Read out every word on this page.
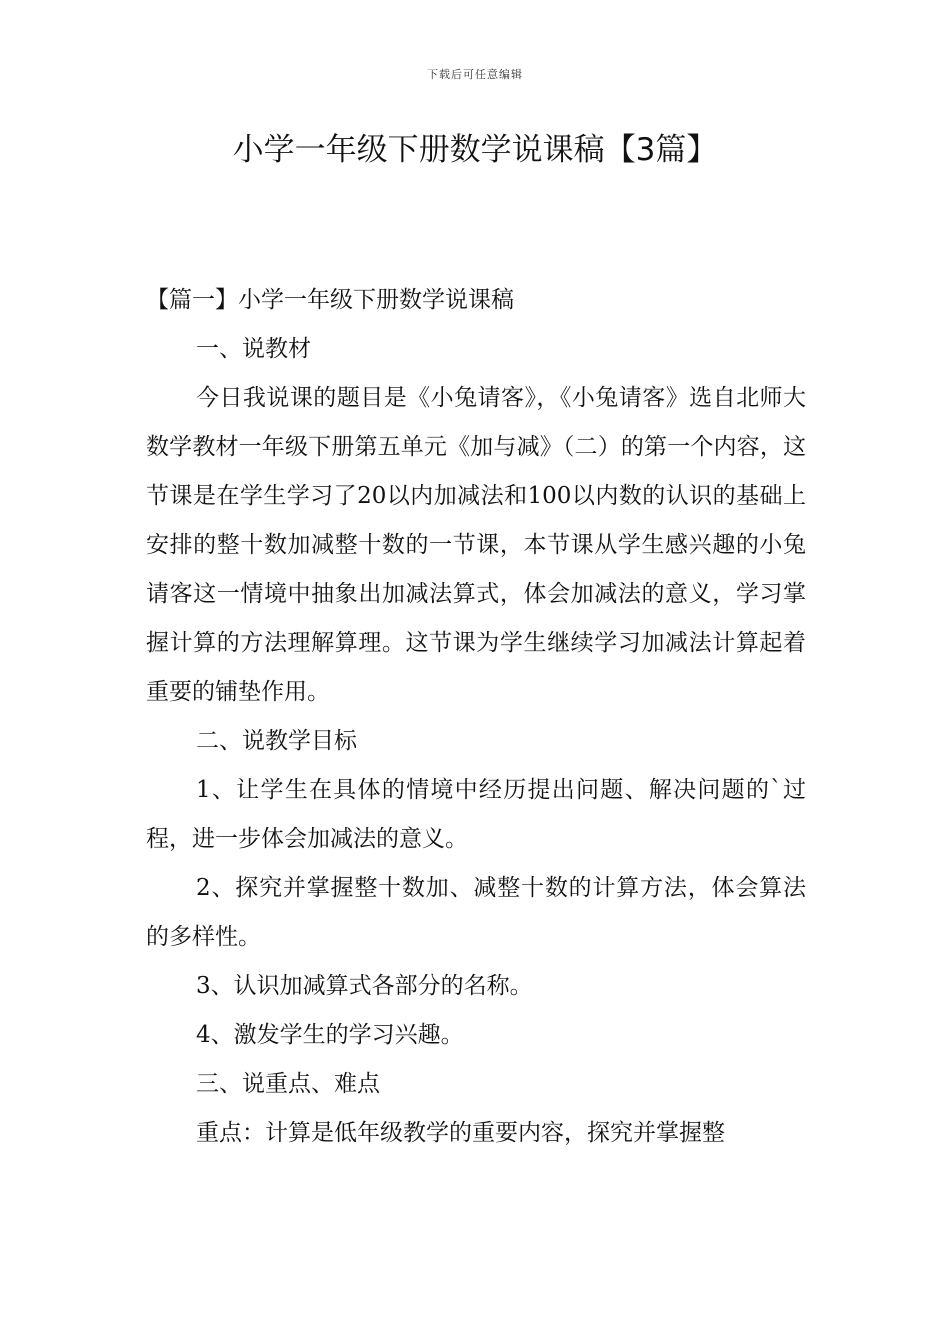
下载后可任意编辑
小学一年级下册数学说课稿【3篇】

【篇一】小学一年级下册数学说课稿

一、说教材

今日我说课的题目是《小兔请客》，《小兔请客》选自北师大数学教材一年级下册第五单元《加与减》（二）的第一个内容，这节课是在学生学习了20以内加减法和100以内数的认识的基础上安排的整十数加减整十数的一节课，本节课从学生感兴趣的小兔请客这一情境中抽象出加减法算式，体会加减法的意义，学习掌握计算的方法理解算理。这节课为学生继续学习加减法计算起着重要的铺垫作用。

二、说教学目标

1、让学生在具体的情境中经历提出问题、解决问题的`过程，进一步体会加减法的意义。

2、探究并掌握整十数加、减整十数的计算方法，体会算法的多样性。

3、认识加减算式各部分的名称。

4、激发学生的学习兴趣。

三、说重点、难点

重点：计算是低年级教学的重要内容，探究并掌握整
